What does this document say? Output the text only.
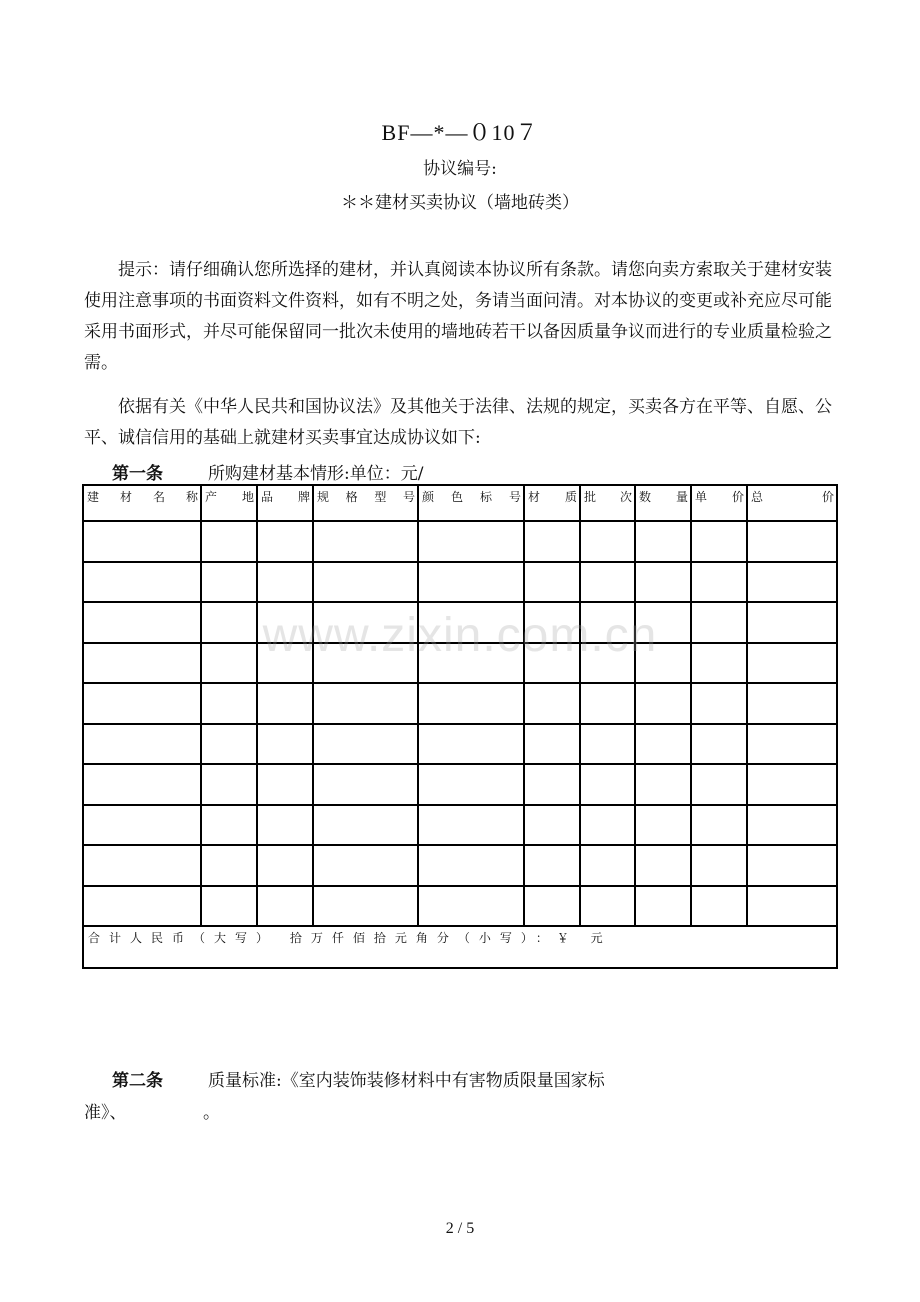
BF—*—０10７
协议编号:
＊＊建材买卖协议（墙地砖类）
提示：请仔细确认您所选择的建材，并认真阅读本协议所有条款。请您向卖方索取关于建材安装使用注意事项的书面资料文件资料，如有不明之处，务请当面问清。对本协议的变更或补充应尽可能采用书面形式，并尽可能保留同一批次未使用的墙地砖若干以备因质量争议而进行的专业质量检验之需。
依据有关《中华人民共和国协议法》及其他关于法律、法规的规定，买卖各方在平等、自愿、公平、诚信信用的基础上就建材买卖事宜达成协议如下:
第一条	所购建材基本情形:单位：元/
建 材 名 称	产 地	品 牌	规 格 型 号	颜 色 标 号	材 质	批 次	数 量	单 价	总 价

合计人民币（大写） 拾万仟佰拾元角分（小写）：￥ 元									
www.zixin.com.cn
第二条	质量标准:《室内装饰装修材料中有害物质限量国家标
准》、　　　　　。
2 / 5
